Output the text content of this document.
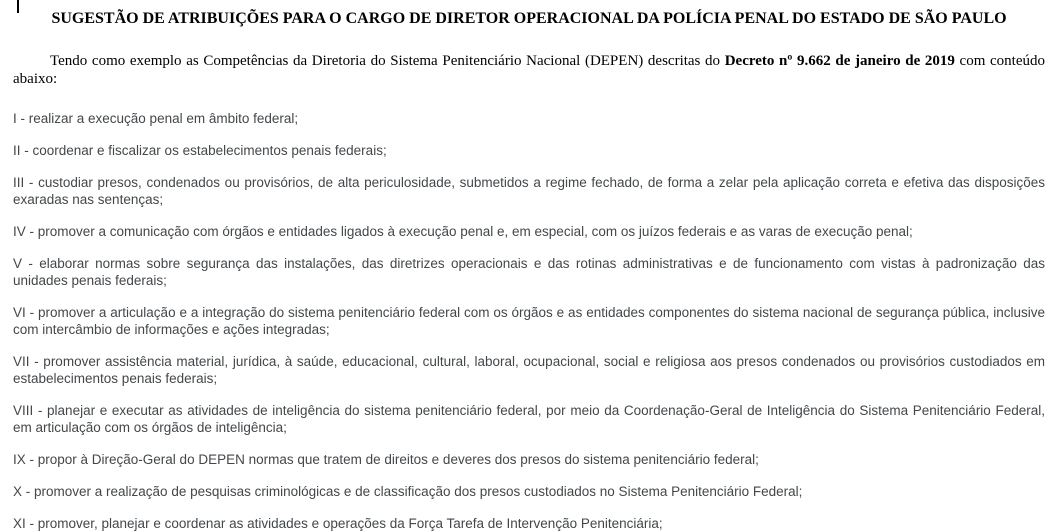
SUGESTÃO DE ATRIBUIÇÕES PARA O CARGO DE DIRETOR OPERACIONAL DA POLÍCIA PENAL DO ESTADO DE SÃO PAULO

Tendo como exemplo as Competências da Diretoria do Sistema Penitenciário Nacional (DEPEN) descritas do Decreto nº 9.662 de janeiro de 2019 com conteúdo abaixo:

I - realizar a execução penal em âmbito federal;

II - coordenar e fiscalizar os estabelecimentos penais federais;

III - custodiar presos, condenados ou provisórios, de alta periculosidade, submetidos a regime fechado, de forma a zelar pela aplicação correta e efetiva das disposições exaradas nas sentenças;

IV - promover a comunicação com órgãos e entidades ligados à execução penal e, em especial, com os juízos federais e as varas de execução penal;

V - elaborar normas sobre segurança das instalações, das diretrizes operacionais e das rotinas administrativas e de funcionamento com vistas à padronização das unidades penais federais;

VI - promover a articulação e a integração do sistema penitenciário federal com os órgãos e as entidades componentes do sistema nacional de segurança pública, inclusive com intercâmbio de informações e ações integradas;

VII - promover assistência material, jurídica, à saúde, educacional, cultural, laboral, ocupacional, social e religiosa aos presos condenados ou provisórios custodiados em estabelecimentos penais federais;

VIII - planejar e executar as atividades de inteligência do sistema penitenciário federal, por meio da Coordenação-Geral de Inteligência do Sistema Penitenciário Federal, em articulação com os órgãos de inteligência;

IX - propor à Direção-Geral do DEPEN normas que tratem de direitos e deveres dos presos do sistema penitenciário federal;

X - promover a realização de pesquisas criminológicas e de classificação dos presos custodiados no Sistema Penitenciário Federal;

XI - promover, planejar e coordenar as atividades e operações da Força Tarefa de Intervenção Penitenciária;
